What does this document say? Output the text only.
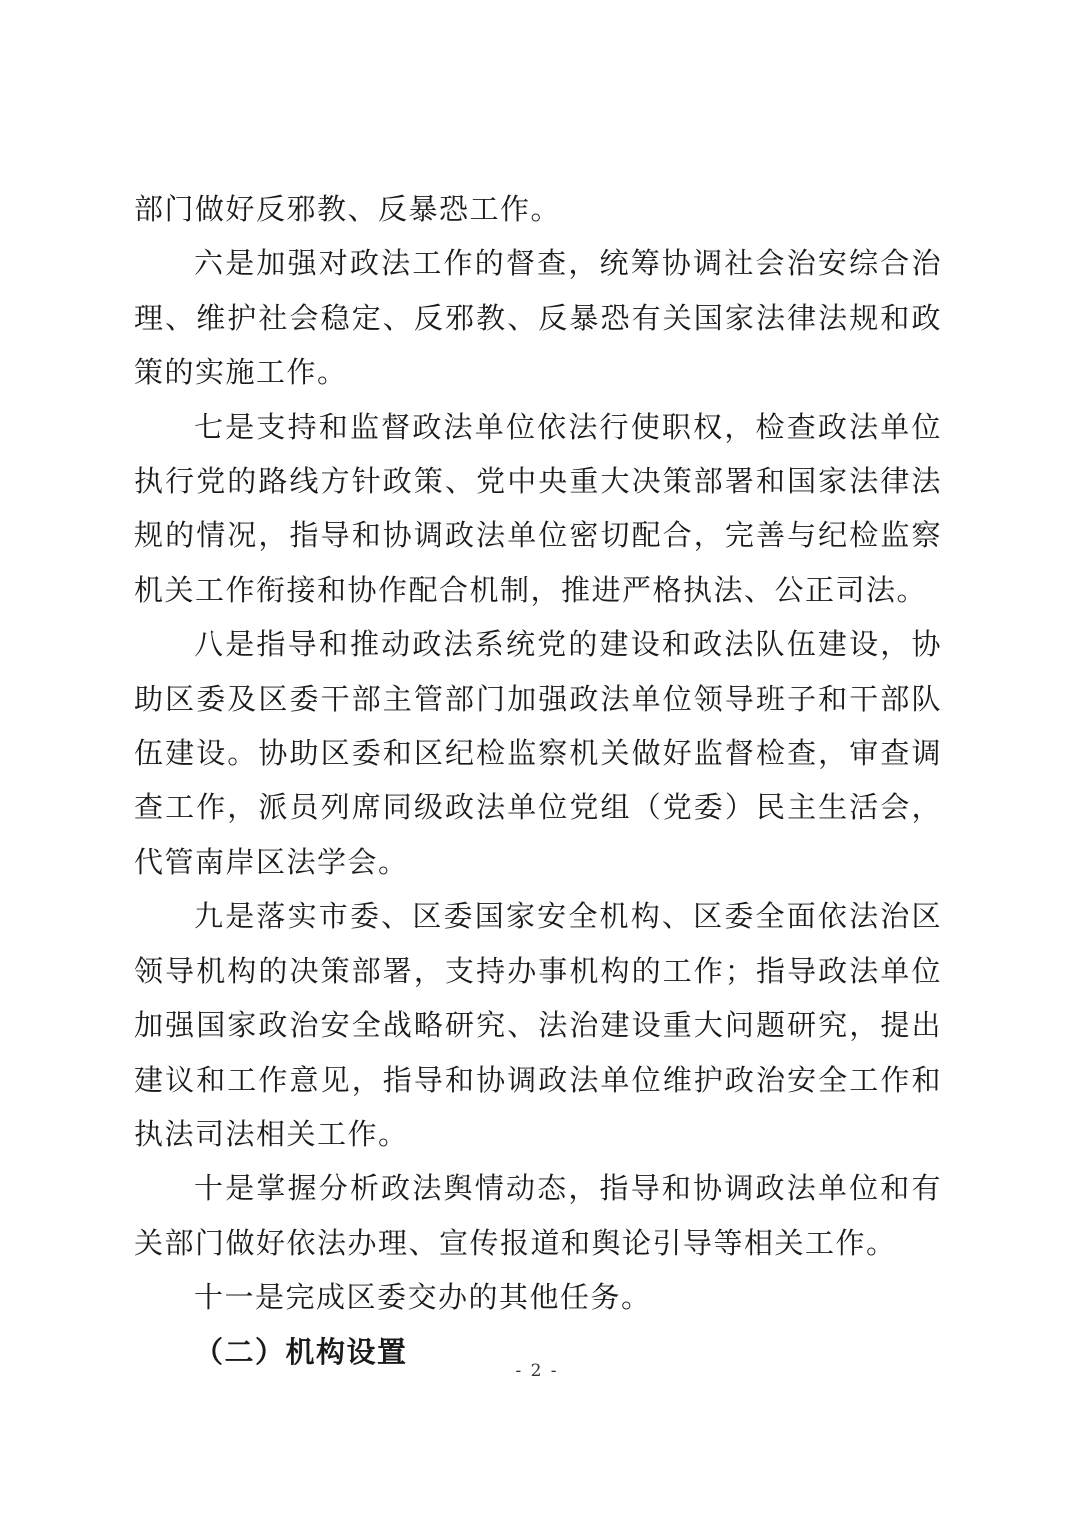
部门做好反邪教、反暴恐工作。

六是加强对政法工作的督查，统筹协调社会治安综合治理、维护社会稳定、反邪教、反暴恐有关国家法律法规和政策的实施工作。

七是支持和监督政法单位依法行使职权，检查政法单位执行党的路线方针政策、党中央重大决策部署和国家法律法规的情况，指导和协调政法单位密切配合，完善与纪检监察机关工作衔接和协作配合机制，推进严格执法、公正司法。

八是指导和推动政法系统党的建设和政法队伍建设，协助区委及区委干部主管部门加强政法单位领导班子和干部队伍建设。协助区委和区纪检监察机关做好监督检查，审查调查工作，派员列席同级政法单位党组（党委）民主生活会，代管南岸区法学会。

九是落实市委、区委国家安全机构、区委全面依法治区领导机构的决策部署，支持办事机构的工作；指导政法单位加强国家政治安全战略研究、法治建设重大问题研究，提出建议和工作意见，指导和协调政法单位维护政治安全工作和执法司法相关工作。

十是掌握分析政法舆情动态，指导和协调政法单位和有关部门做好依法办理、宣传报道和舆论引导等相关工作。

十一是完成区委交办的其他任务。

（二）机构设置

- 2 -
